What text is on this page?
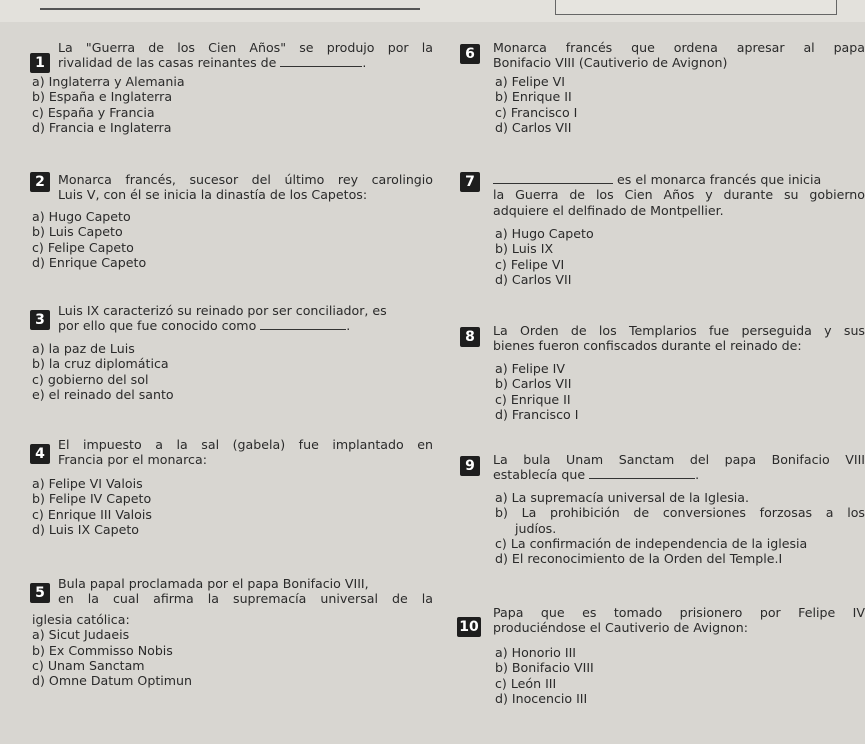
1
La "Guerra de los Cien Años" se produjo por la
rivalidad de las casas reinantes de	.
a) Inglaterra y Alemania
b) España e Inglaterra
c) España y Francia
d) Francia e Inglaterra
2	Monarca francés, sucesor del último rey carolingio
Luis V, con él se inicia la dinastía de los Capetos:
a) Hugo Capeto
b) Luis Capeto
c) Felipe Capeto
d) Enrique Capeto
3
Luis IX caracterizó su reinado por ser conciliador, es
por ello que fue conocido como	.
a) la paz de Luis
b) la cruz diplomática
c) gobierno del sol
e) el reinado del santo
4
El impuesto a la sal (gabela) fue implantado en
Francia por el monarca:
a) Felipe VI Valois
b) Felipe IV Capeto
c) Enrique III Valois
d) Luis IX Capeto
5
Bula papal proclamada por el papa Bonifacio VIII,
en la cual afirma la supremacía universal de la
iglesia católica:
a) Sicut Judaeis
b) Ex Commisso Nobis
c) Unam Sanctam
d) Omne Datum Optimun
6	Monarca francés que ordena apresar al papa
Bonifacio VIII (Cautiverio de Avignon)
a) Felipe VI
b) Enrique II
c) Francisco I
d) Carlos VII
7	es el monarca francés que inicia
la Guerra de los Cien Años y durante su gobierno
adquiere el delfinado de Montpellier.
a) Hugo Capeto
b) Luis IX
c) Felipe VI
d) Carlos VII
8	La Orden de los Templarios fue perseguida y sus
bienes fueron confiscados durante el reinado de:
a) Felipe IV
b) Carlos VII
c) Enrique II
d) Francisco I
9	La bula Unam Sanctam del papa Bonifacio VIII
establecía que	.
a) La supremacía universal de la Iglesia.
b) La prohibición de conversiones forzosas a los
judíos.
c) La confirmación de independencia de la iglesia
d) El reconocimiento de la Orden del Temple.I
10
Papa que es tomado prisionero por Felipe IV
produciéndose el Cautiverio de Avignon:
a) Honorio III
b) Bonifacio VIII
c) León III
d) Inocencio III
